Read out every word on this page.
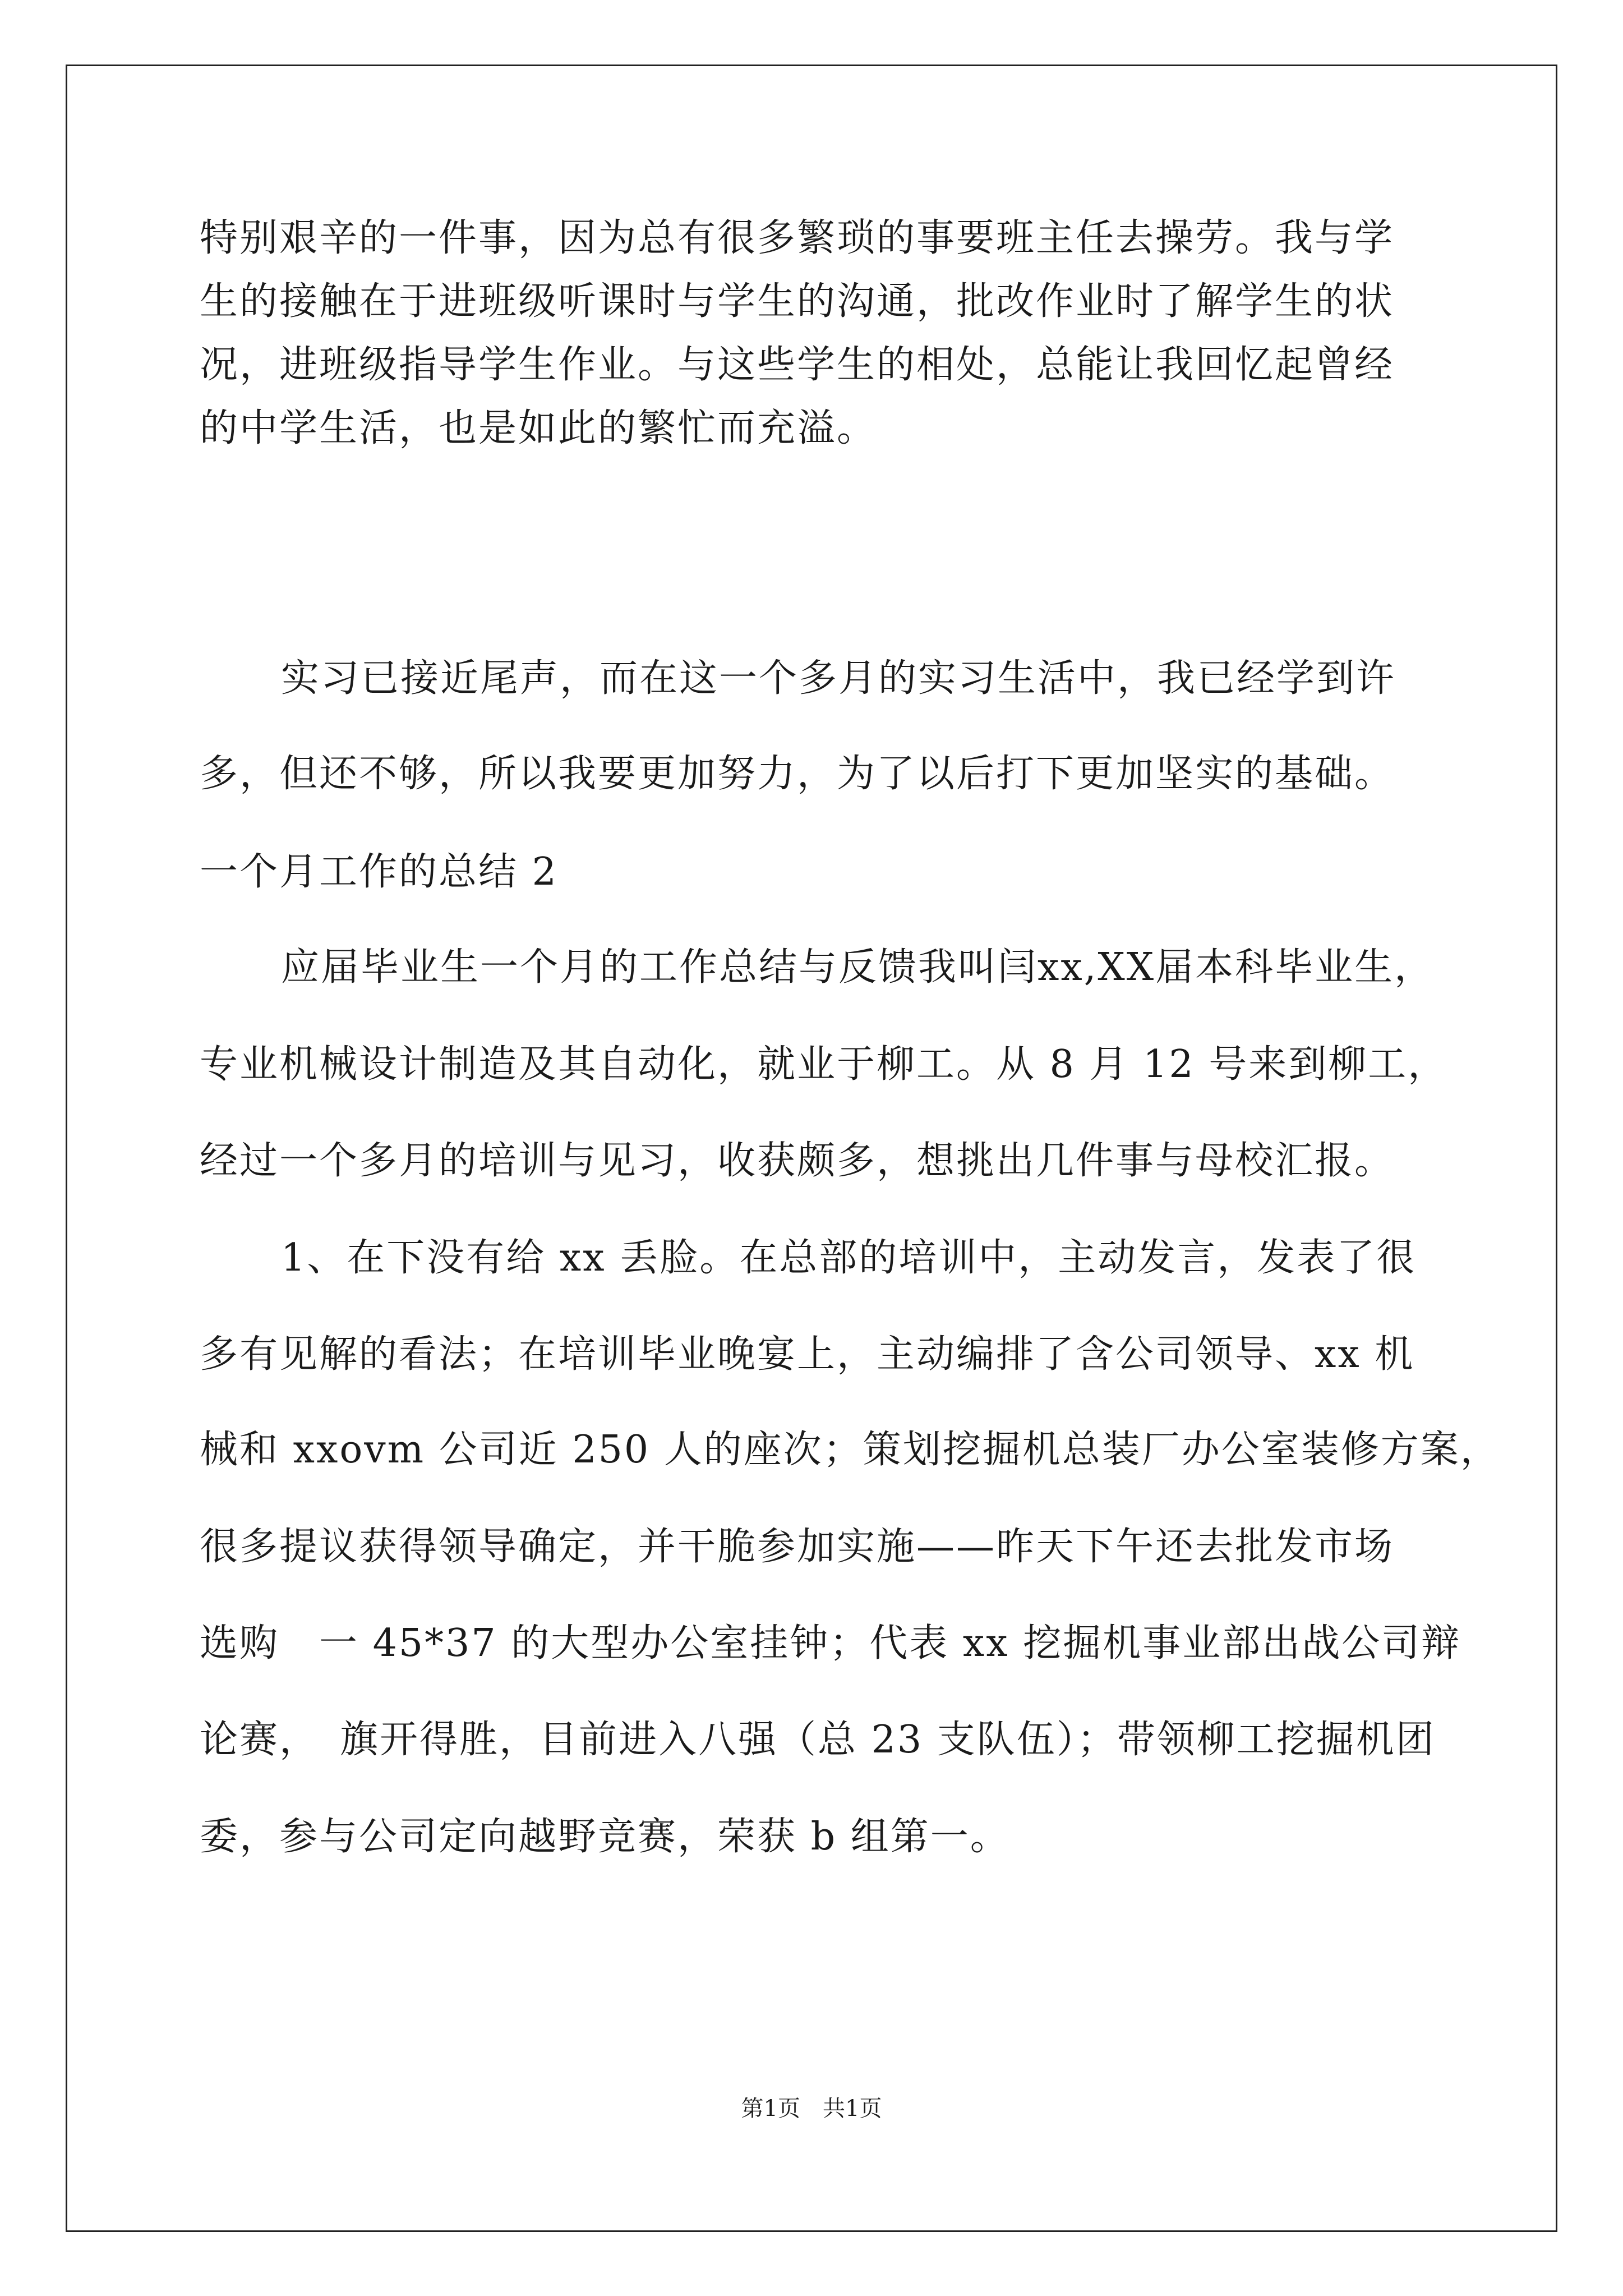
特别艰辛的一件事，因为总有很多繁琐的事要班主任去操劳。我与学
生的接触在于进班级听课时与学生的沟通，批改作业时了解学生的状
况，进班级指导学生作业。与这些学生的相处，总能让我回忆起曾经
的中学生活，也是如此的繁忙而充溢。
实习已接近尾声，而在这一个多月的实习生活中，我已经学到许
多，但还不够，所以我要更加努力，为了以后打下更加坚实的基础。
一个月工作的总结 2
应届毕业生一个月的工作总结与反馈我叫闫xx,XX届本科毕业生，
专业机械设计制造及其自动化，就业于柳工。从 8 月 12 号来到柳工，
经过一个多月的培训与见习，收获颇多，想挑出几件事与母校汇报。
1、在下没有给 xx 丢脸。在总部的培训中，主动发言，发表了很
多有见解的看法；在培训毕业晚宴上，主动编排了含公司领导、xx 机
械和 xxovm 公司近 250 人的座次；策划挖掘机总装厂办公室装修方案，
很多提议获得领导确定，并干脆参加实施——昨天下午还去批发市场
选购　一 45*37 的大型办公室挂钟；代表 xx 挖掘机事业部出战公司辩
论赛，　旗开得胜，目前进入八强（总 23 支队伍）；带领柳工挖掘机团
委，参与公司定向越野竞赛，荣获 b 组第一。
第1页　共1页
